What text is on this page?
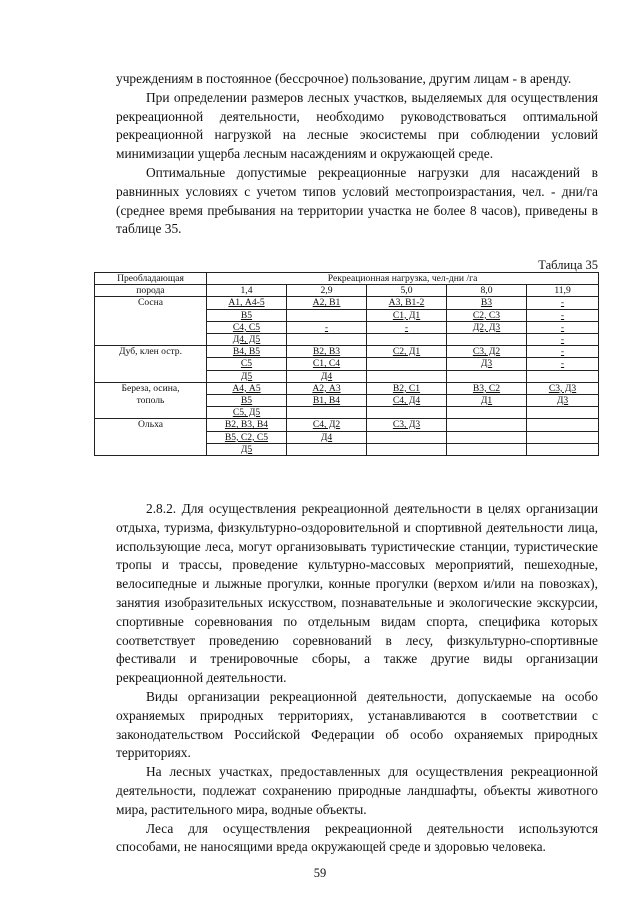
учреждениям в постоянное (бессрочное) пользование, другим лицам - в аренду.

При определении размеров лесных участков, выделяемых для осуществления рекреационной деятельности, необходимо руководствоваться оптимальной рекреационной нагрузкой на лесные экосистемы при соблюдении условий минимизации ущерба лесным насаждениям и окружающей среде.

Оптимальные допустимые рекреационные нагрузки для насаждений в равнинных условиях с учетом типов условий местопроизрастания, чел. - дни/га (среднее время пребывания на территории участка не более 8 часов), приведены в таблице 35.

Таблица 35
Преобладающая	Рекреационная нагрузка, чел-дни /га				
порода	1,4	2,9	5,0	8,0	11,9
Сосна	А1, А4-5	А2, В1	А3, В1-2	В3	-
	В5		С1, Д1	С2, С3	-
	С4, С5	-	-	Д2, Д3	-
	Д4, Д5				-
Дуб, клен остр.	В4, В5	В2, В3	С2, Д1	С3, Д2	-
	С5	С1, С4		Д3	-
	Д5	Д4			
Береза, осина,	А4, А5	А2, А3	В2, С1	В3, С2	С3, Д3
тополь	В5	В1, В4	С4, Д4	Д1	Д3
	С5, Д5				
Ольха	В2, В3, В4	С4, Д2	С3, Д3		
	В5, С2, С5	Д4			
	Д5				

2.8.2. Для осуществления рекреационной деятельности в целях организации отдыха, туризма, физкультурно-оздоровительной и спортивной деятельности лица, использующие леса, могут организовывать туристические станции, туристические тропы и трассы, проведение культурно-массовых мероприятий, пешеходные, велосипедные и лыжные прогулки, конные прогулки (верхом и/или на повозках), занятия изобразительных искусством, познавательные и экологические экскурсии, спортивные соревнования по отдельным видам спорта, специфика которых соответствует проведению соревнований в лесу, физкультурно-спортивные фестивали и тренировочные сборы, а также другие виды организации рекреационной деятельности.

Виды организации рекреационной деятельности, допускаемые на особо охраняемых природных территориях, устанавливаются в соответствии с законодательством Российской Федерации об особо охраняемых природных территориях.

На лесных участках, предоставленных для осуществления рекреационной деятельности, подлежат сохранению природные ландшафты, объекты животного мира, растительного мира, водные объекты.

Леса для осуществления рекреационной деятельности используются способами, не наносящими вреда окружающей среде и здоровью человека.

59
